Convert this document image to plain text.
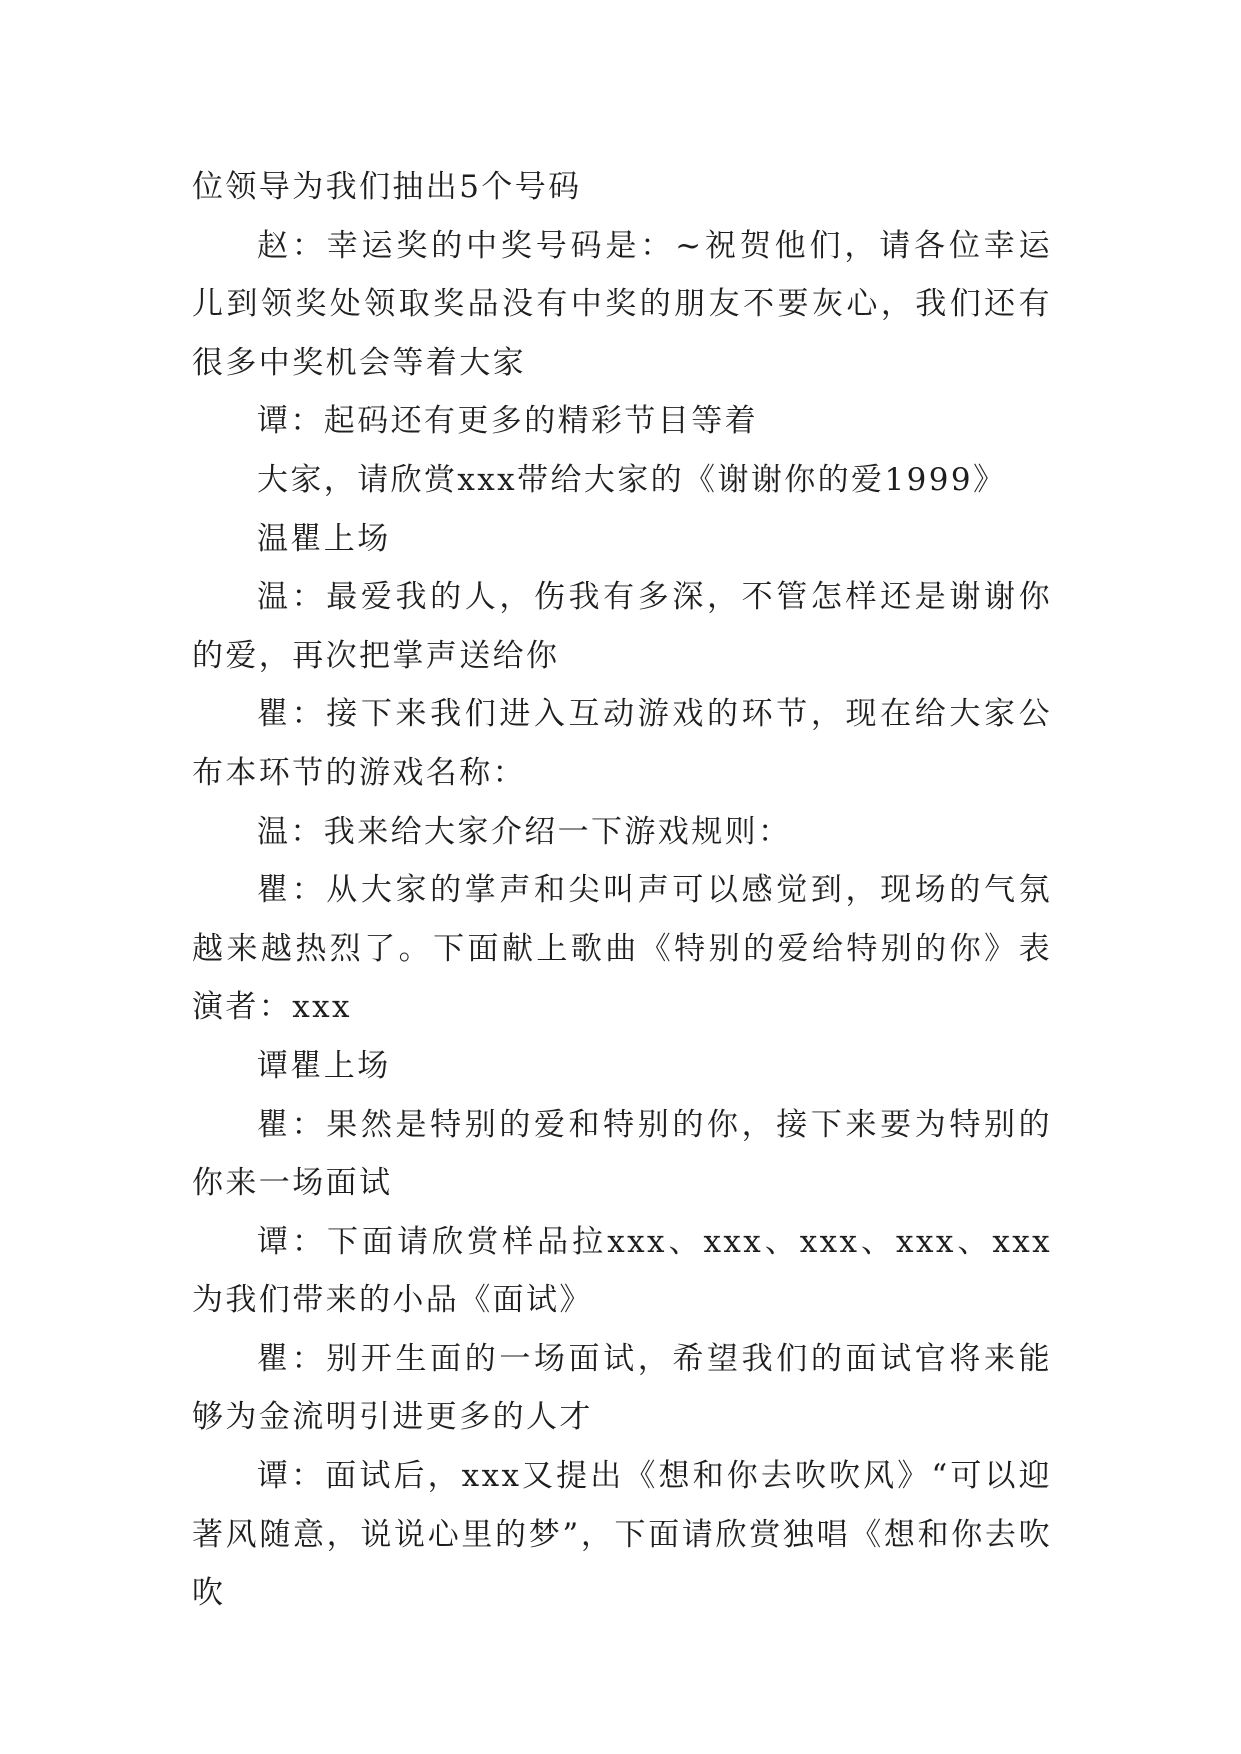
位领导为我们抽出5个号码

赵：幸运奖的中奖号码是：~祝贺他们，请各位幸运儿到领奖处领取奖品没有中奖的朋友不要灰心，我们还有很多中奖机会等着大家

谭：起码还有更多的精彩节目等着

大家，请欣赏xxx带给大家的《谢谢你的爱1999》

温瞿上场

温：最爱我的人，伤我有多深，不管怎样还是谢谢你的爱，再次把掌声送给你

瞿：接下来我们进入互动游戏的环节，现在给大家公布本环节的游戏名称：

温：我来给大家介绍一下游戏规则：

瞿：从大家的掌声和尖叫声可以感觉到，现场的气氛越来越热烈了。下面献上歌曲《特别的爱给特别的你》表演者：xxx

谭瞿上场

瞿：果然是特别的爱和特别的你，接下来要为特别的你来一场面试

谭：下面请欣赏样品拉xxx、xxx、xxx、xxx、xxx为我们带来的小品《面试》

瞿：别开生面的一场面试，希望我们的面试官将来能够为金流明引进更多的人才

谭：面试后，xxx又提出《想和你去吹吹风》“可以迎著风随意，说说心里的梦”，下面请欣赏独唱《想和你去吹吹
